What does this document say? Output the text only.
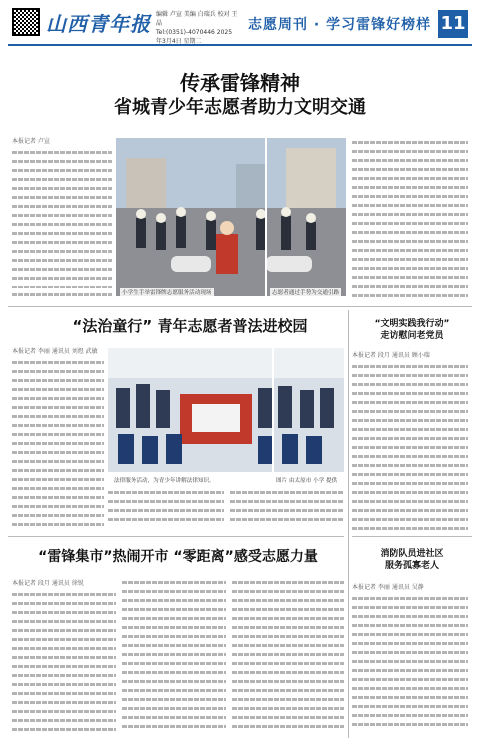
山西青年报 编辑 卢宣 美编 白瑞兵 校对 王晶
Tel:(0351)-4070446 2025年3月4日 星期二
志愿周刊 · 学习雷锋好榜样 11
传承雷锋精神
省城青少年志愿者助力文明交通
本报记者 卢宣
小学生手举雷锋牌志愿服务活动现场	志愿者通过手势为交通引路
“法治童行” 青年志愿者普法进校园
本报记者 李丽 通讯员 刘煜 武敏
法律服务活动，为青少年讲解法律知识。	图片 由太原市 小学 提供
“文明实践我行动”
走访慰问老党员
本报记者 段月 通讯员 顾小瑞
“雷锋集市”热闹开市 “零距离”感受志愿力量
本报记者 段月 通讯员 徐锐
消防队员进社区
服务孤寡老人
本报记者 李丽 通讯员 吴静
